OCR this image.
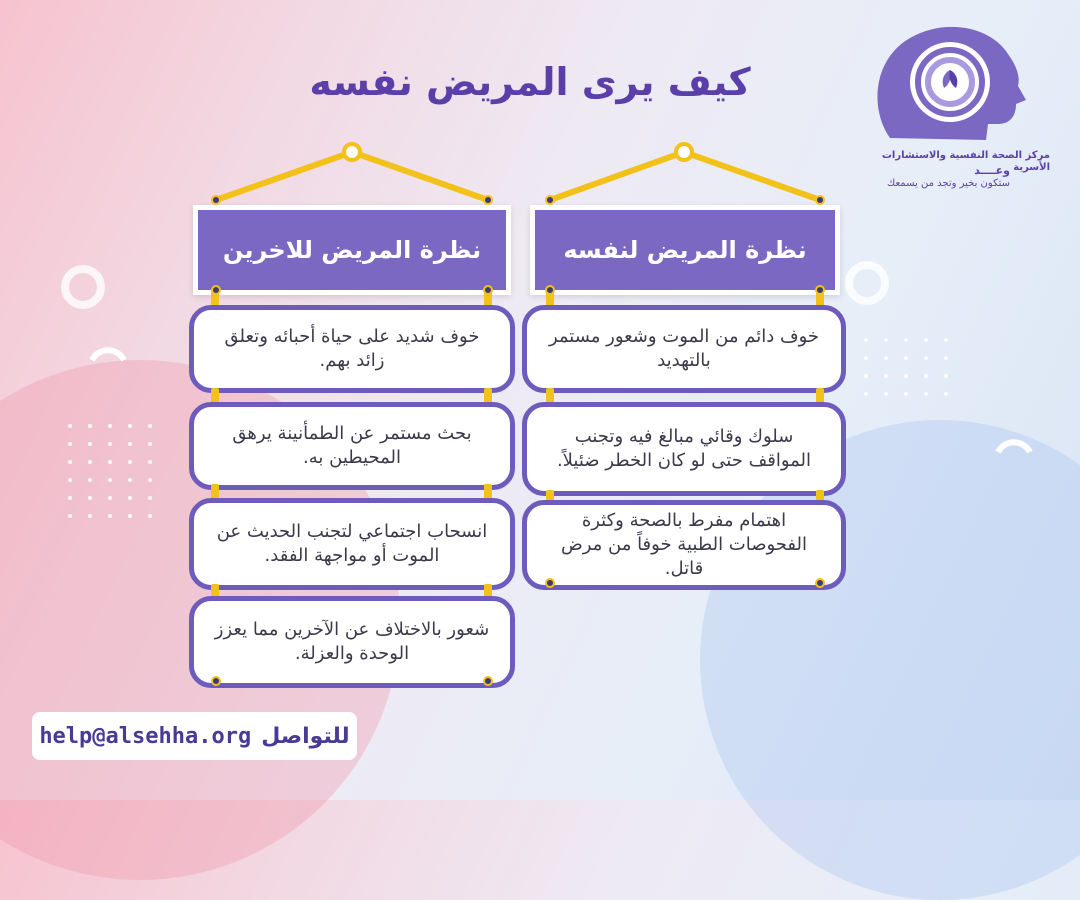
مركز الصحة النفسية والاستشارات الأسرية
وعــــد
ستكون بخير وتجد من يسمعك
كيف يرى المريض نفسه
نظرة المريض لنفسه
خوف دائم من الموت وشعور مستمر بالتهديد
سلوك وقائي مبالغ فيه وتجنب المواقف حتى لو كان الخطر ضئيلاً.
اهتمام مفرط بالصحة وكثرة الفحوصات الطبية خوفاً من مرض قاتل.
نظرة المريض للاخرين
خوف شديد على حياة أحبائه وتعلق زائد بهم.
بحث مستمر عن الطمأنينة يرهق المحيطين به.
انسحاب اجتماعي لتجنب الحديث عن الموت أو مواجهة الفقد.
شعور بالاختلاف عن الآخرين مما يعزز الوحدة والعزلة.
للتواصل
help@alsehha.org
